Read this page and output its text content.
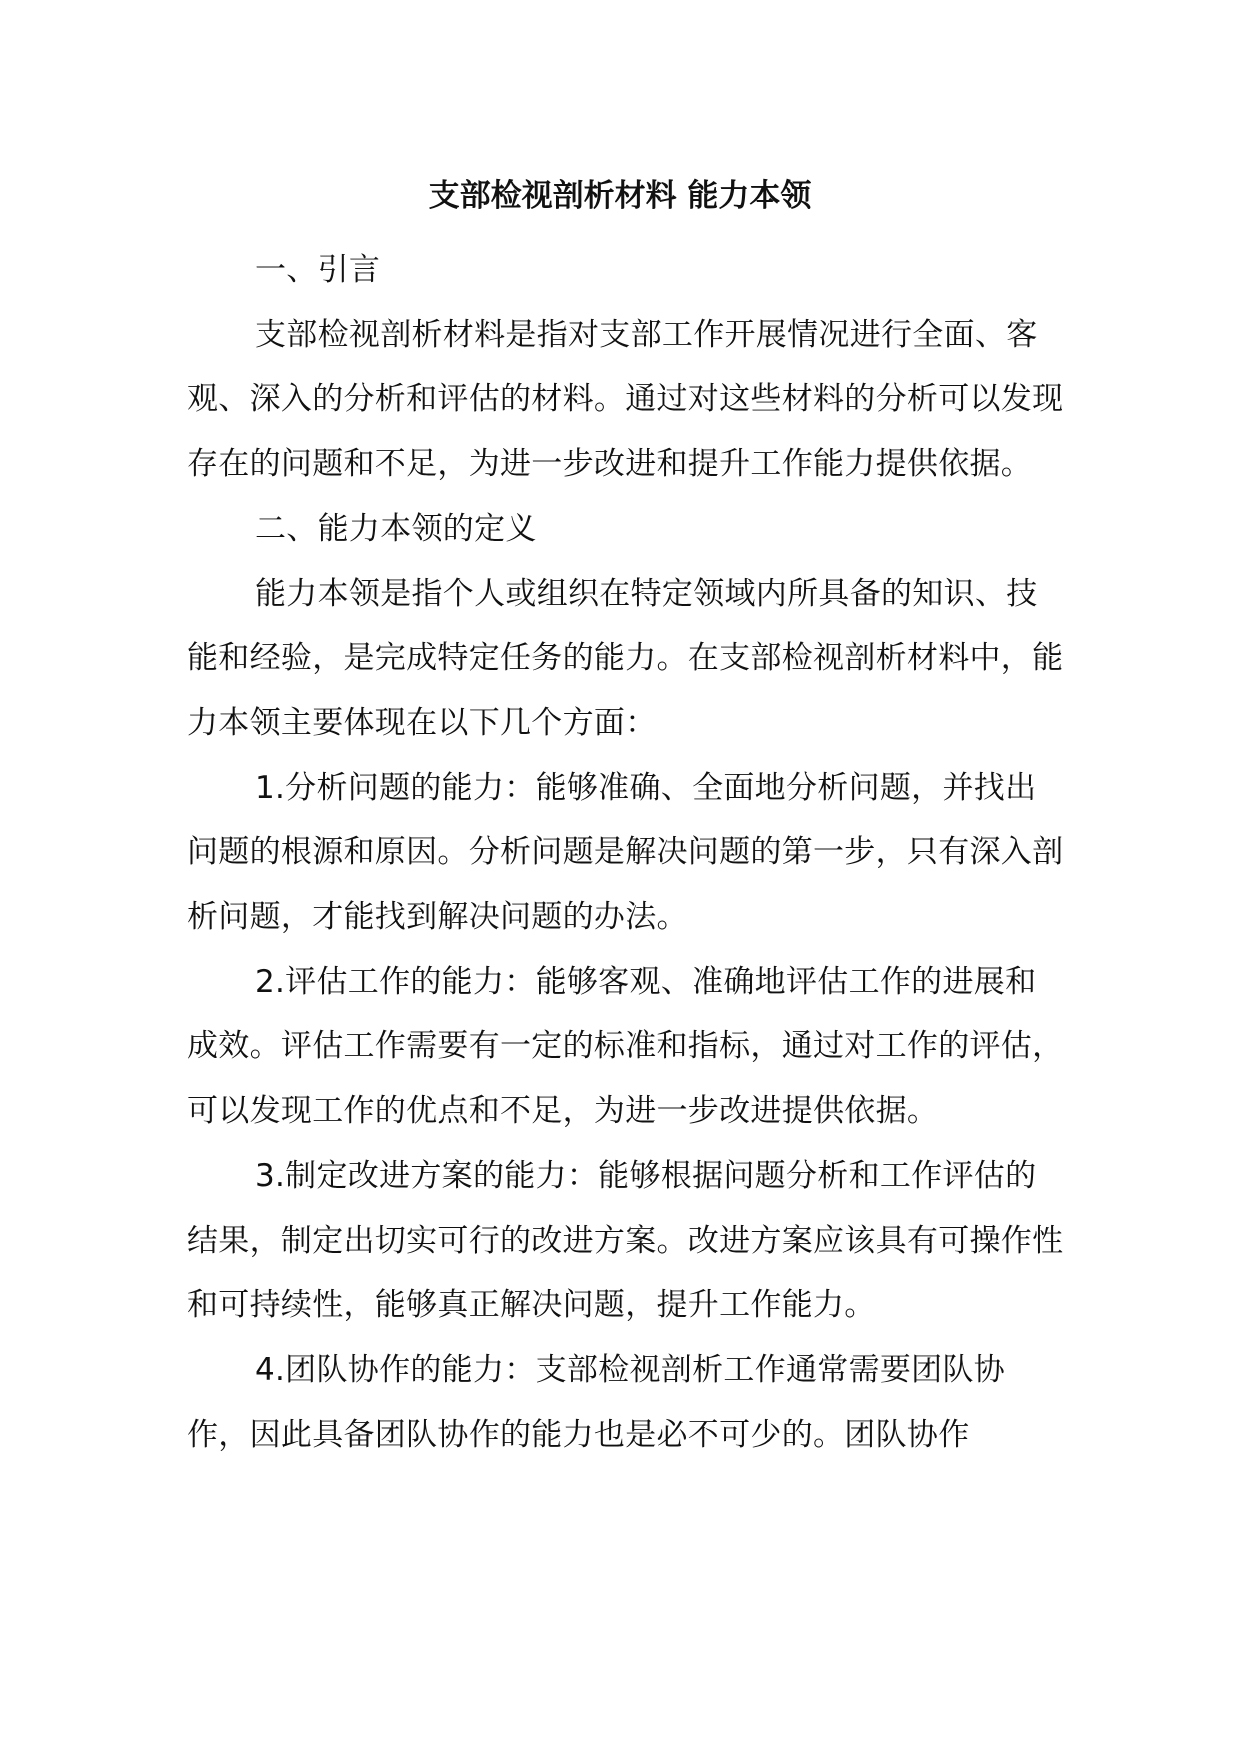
支部检视剖析材料 能力本领
一、引言

支部检视剖析材料是指对支部工作开展情况进行全面、客观、深入的分析和评估的材料。通过对这些材料的分析可以发现存在的问题和不足，为进一步改进和提升工作能力提供依据。

二、能力本领的定义

能力本领是指个人或组织在特定领域内所具备的知识、技能和经验，是完成特定任务的能力。在支部检视剖析材料中，能力本领主要体现在以下几个方面：

1.分析问题的能力：能够准确、全面地分析问题，并找出问题的根源和原因。分析问题是解决问题的第一步，只有深入剖析问题，才能找到解决问题的办法。

2.评估工作的能力：能够客观、准确地评估工作的进展和成效。评估工作需要有一定的标准和指标，通过对工作的评估，可以发现工作的优点和不足，为进一步改进提供依据。

3.制定改进方案的能力：能够根据问题分析和工作评估的结果，制定出切实可行的改进方案。改进方案应该具有可操作性和可持续性，能够真正解决问题，提升工作能力。

4.团队协作的能力：支部检视剖析工作通常需要团队协作，因此具备团队协作的能力也是必不可少的。团队协作
